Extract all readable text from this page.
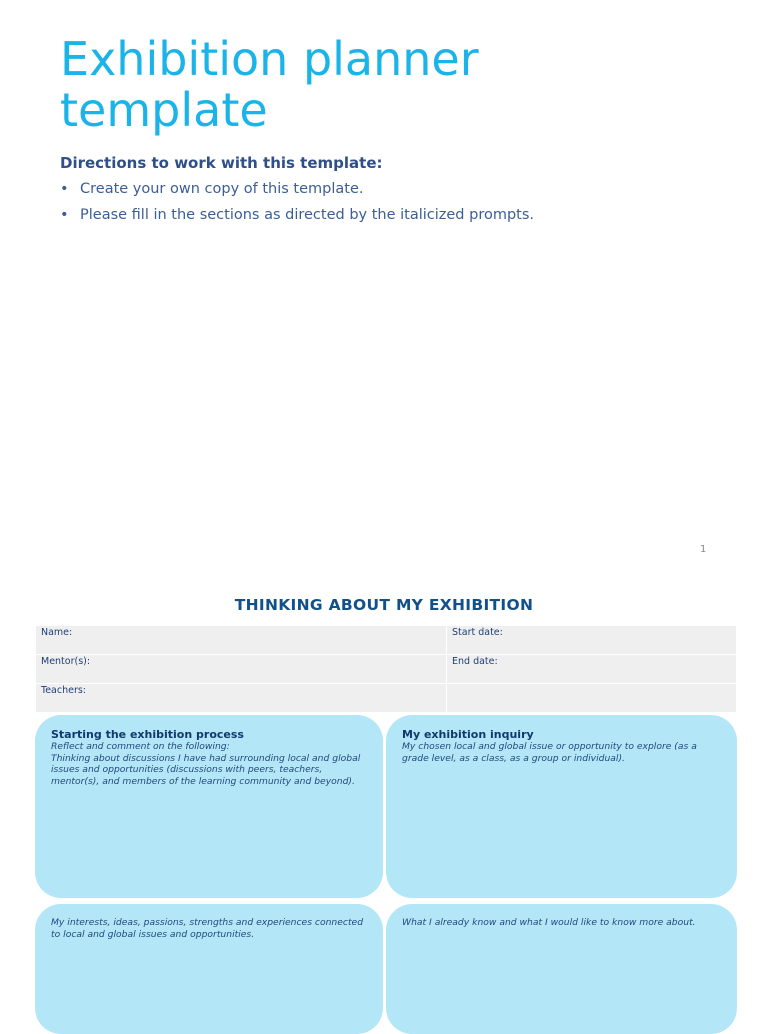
Exhibition planner template

Directions to work with this template:

• Create your own copy of this template.
• Please fill in the sections as directed by the italicized prompts.
1
THINKING ABOUT MY EXHIBITION
Name:	Start date:
Mentor(s):	End date:
Teachers:	

Starting the exhibition process

Reflect and comment on the following:
Thinking about discussions I have had surrounding local and global issues and opportunities (discussions with peers, teachers, mentor(s), and members of the learning community and beyond).

My exhibition inquiry

My chosen local and global issue or opportunity to explore (as a grade level, as a class, as a group or individual).

My interests, ideas, passions, strengths and experiences connected to local and global issues and opportunities.

What I already know and what I would like to know more about.
